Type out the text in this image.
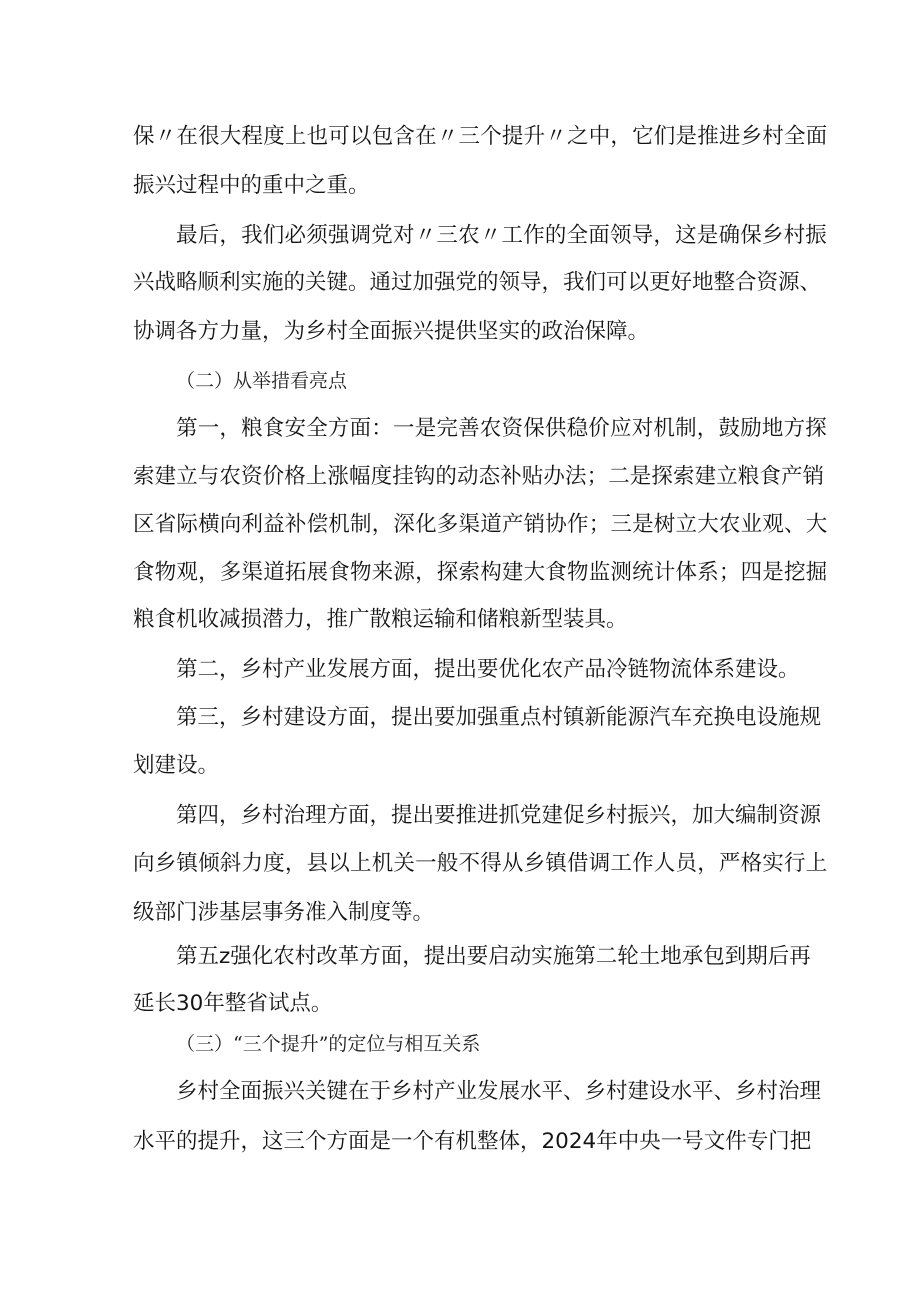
保〃在很大程度上也可以包含在〃三个提升〃之中，它们是推进乡村全面
振兴过程中的重中之重。
最后，我们必须强调党对〃三农〃工作的全面领导，这是确保乡村振
兴战略顺利实施的关键。通过加强党的领导，我们可以更好地整合资源、
协调各方力量，为乡村全面振兴提供坚实的政治保障。
（二）从举措看亮点
第一，粮食安全方面：一是完善农资保供稳价应对机制，鼓励地方探
索建立与农资价格上涨幅度挂钩的动态补贴办法；二是探索建立粮食产销
区省际横向利益补偿机制，深化多渠道产销协作；三是树立大农业观、大
食物观，多渠道拓展食物来源，探索构建大食物监测统计体系；四是挖掘
粮食机收减损潜力，推广散粮运输和储粮新型装具。
第二，乡村产业发展方面，提出要优化农产品冷链物流体系建设。
第三，乡村建设方面，提出要加强重点村镇新能源汽车充换电设施规
划建设。
第四，乡村治理方面，提出要推进抓党建促乡村振兴，加大编制资源
向乡镇倾斜力度，县以上机关一般不得从乡镇借调工作人员，严格实行上
级部门涉基层事务准入制度等。
第五z强化农村改革方面，提出要启动实施第二轮土地承包到期后再
延长30年整省试点。
（三）“三个提升”的定位与相互关系
乡村全面振兴关键在于乡村产业发展水平、乡村建设水平、乡村治理
水平的提升，这三个方面是一个有机整体，2024年中央一号文件专门把
